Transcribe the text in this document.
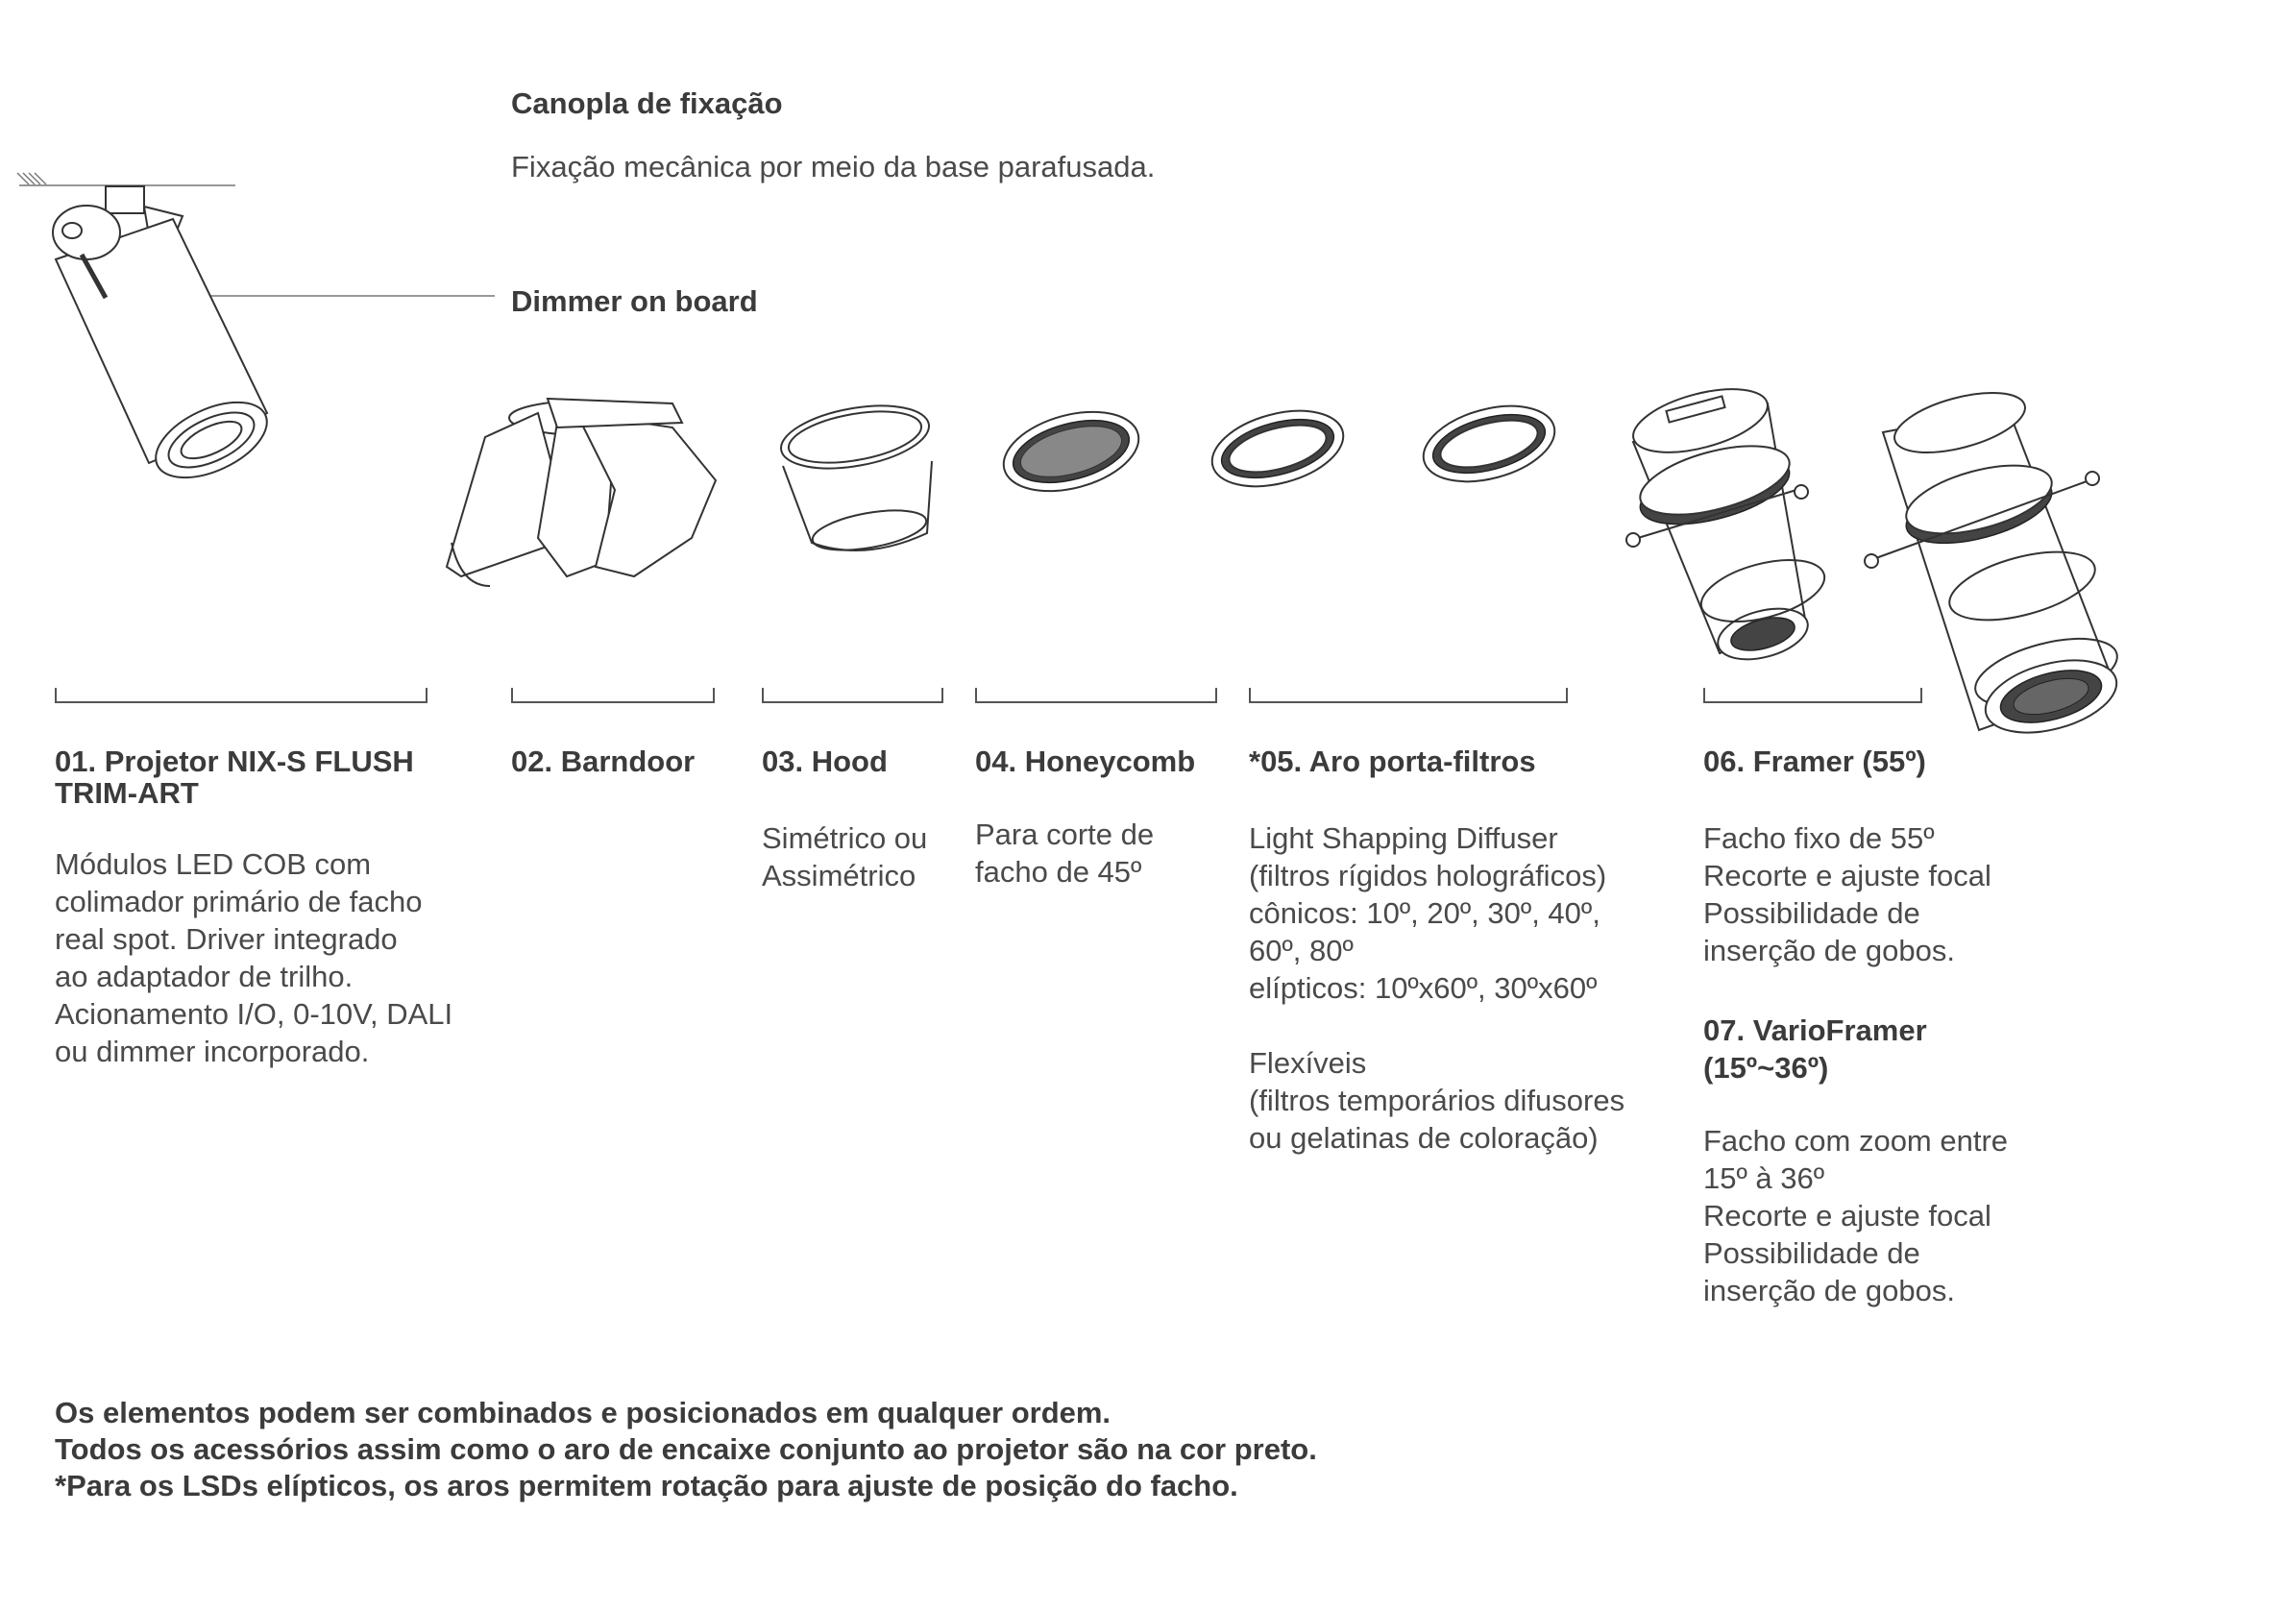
Canopla de fixação
Fixação mecânica por meio da base parafusada.
Dimmer on board
01. Projetor NIX-S FLUSH
TRIM-ART
Módulos LED COB com
colimador primário de facho
real spot. Driver integrado
ao adaptador de trilho.
Acionamento I/O, 0-10V, DALI
ou dimmer incorporado.
02. Barndoor 03. Hood
Simétrico ou
Assimétrico
04. Honeycomb
Para corte de
facho de 45º
*05. Aro porta-filtros
Light Shapping Diffuser
(filtros rígidos holográficos)
cônicos: 10º, 20º, 30º, 40º,
60º, 80º
elípticos: 10ºx60º, 30ºx60º

Flexíveis
(filtros temporários difusores
ou gelatinas de coloração)
06. Framer (55º)
Facho fixo de 55º
Recorte e ajuste focal
Possibilidade de
inserção de gobos.
07. VarioFramer
(15º~36º)
Facho com zoom entre
15º à 36º
Recorte e ajuste focal
Possibilidade de
inserção de gobos.
Os elementos podem ser combinados e posicionados em qualquer ordem.
Todos os acessórios assim como o aro de encaixe conjunto ao projetor são na cor preto.
*Para os LSDs elípticos, os aros permitem rotação para ajuste de posição do facho.
